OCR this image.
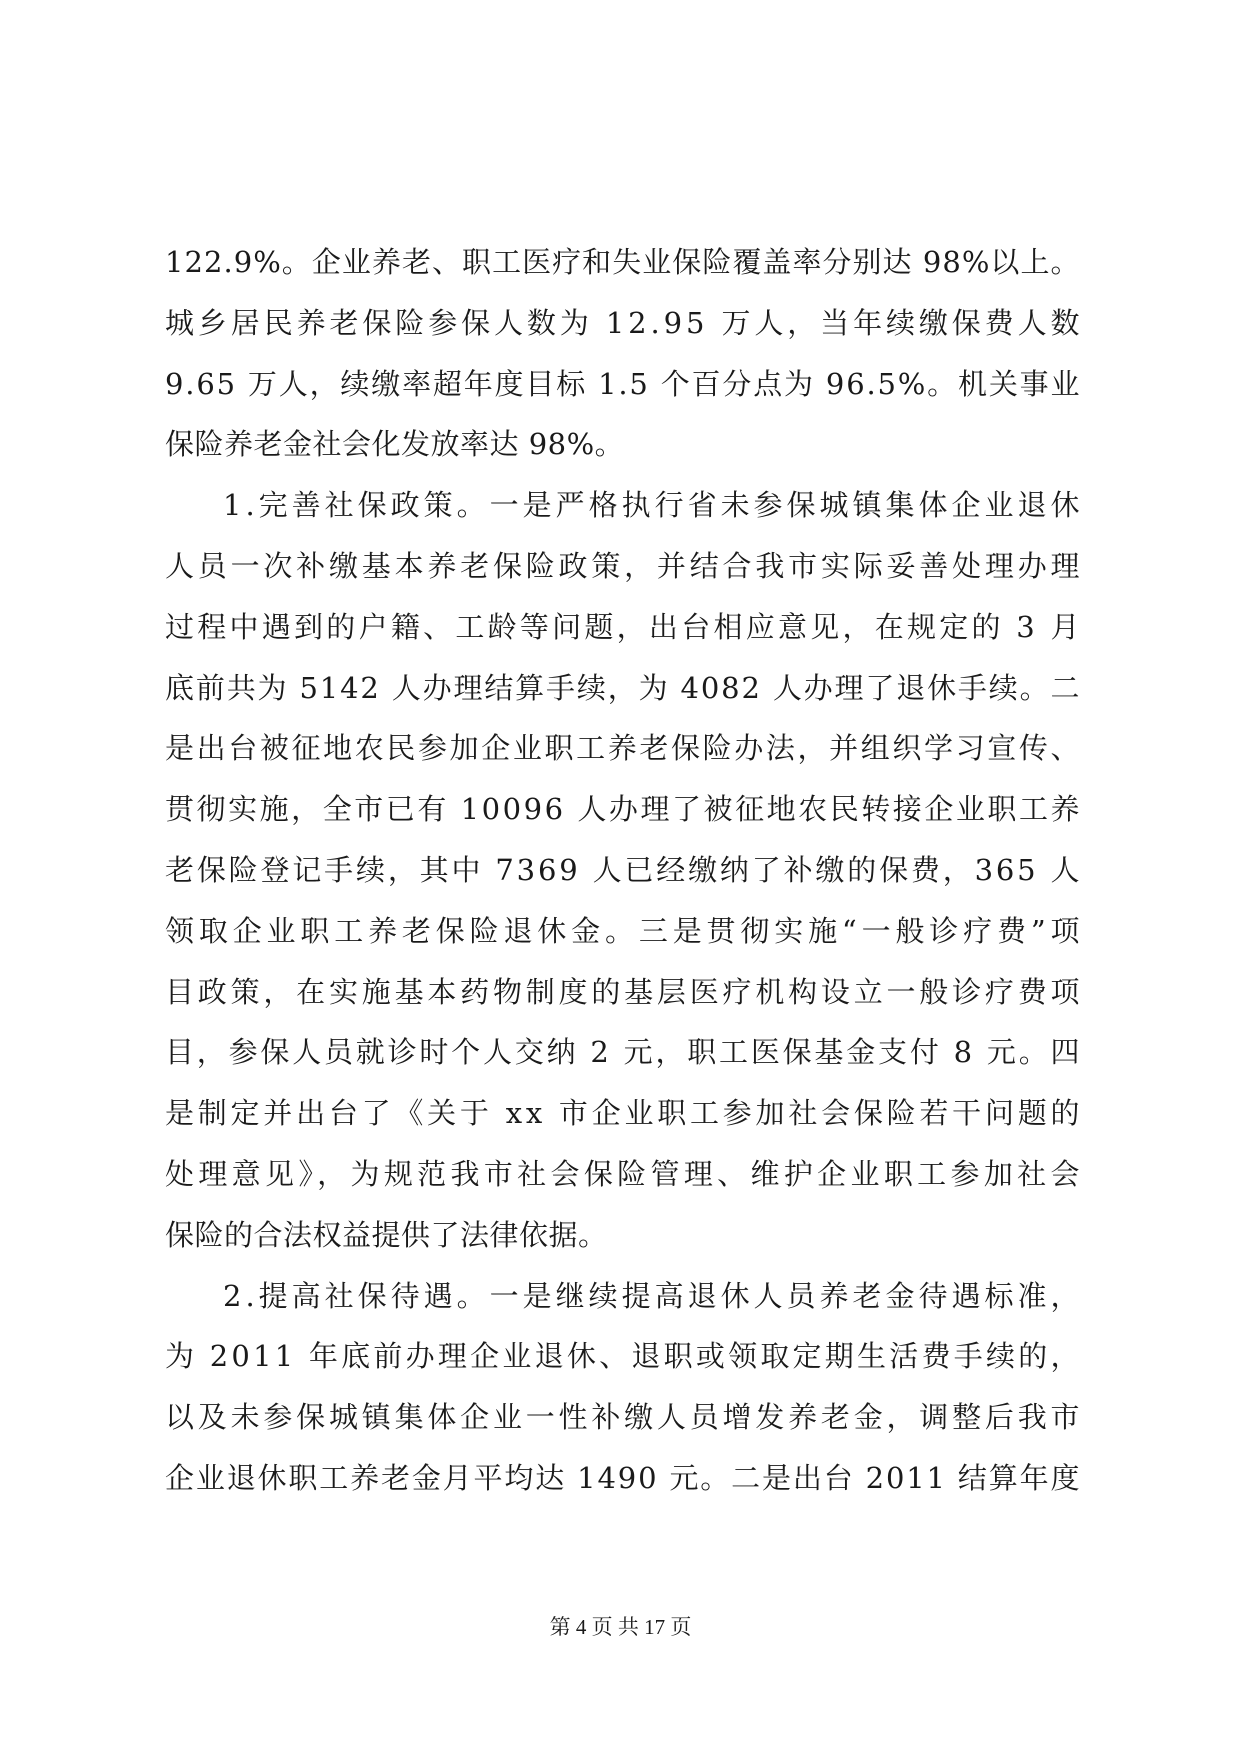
122.9%。企业养老、职工医疗和失业保险覆盖率分别达 98%以上。
城乡居民养老保险参保人数为 12.95 万人，当年续缴保费人数
9.65 万人，续缴率超年度目标 1.5 个百分点为 96.5%。机关事业
保险养老金社会化发放率达 98%。
1.完善社保政策。一是严格执行省未参保城镇集体企业退休
人员一次补缴基本养老保险政策，并结合我市实际妥善处理办理
过程中遇到的户籍、工龄等问题，出台相应意见，在规定的 3 月
底前共为 5142 人办理结算手续，为 4082 人办理了退休手续。二
是出台被征地农民参加企业职工养老保险办法，并组织学习宣传、
贯彻实施，全市已有 10096 人办理了被征地农民转接企业职工养
老保险登记手续，其中 7369 人已经缴纳了补缴的保费，365 人
领取企业职工养老保险退休金。三是贯彻实施“一般诊疗费”项
目政策，在实施基本药物制度的基层医疗机构设立一般诊疗费项
目，参保人员就诊时个人交纳 2 元，职工医保基金支付 8 元。四
是制定并出台了《关于 xx 市企业职工参加社会保险若干问题的
处理意见》，为规范我市社会保险管理、维护企业职工参加社会
保险的合法权益提供了法律依据。
2.提高社保待遇。一是继续提高退休人员养老金待遇标准，
为 2011 年底前办理企业退休、退职或领取定期生活费手续的，
以及未参保城镇集体企业一性补缴人员增发养老金，调整后我市
企业退休职工养老金月平均达 1490 元。二是出台 2011 结算年度
第 4 页 共 17 页
